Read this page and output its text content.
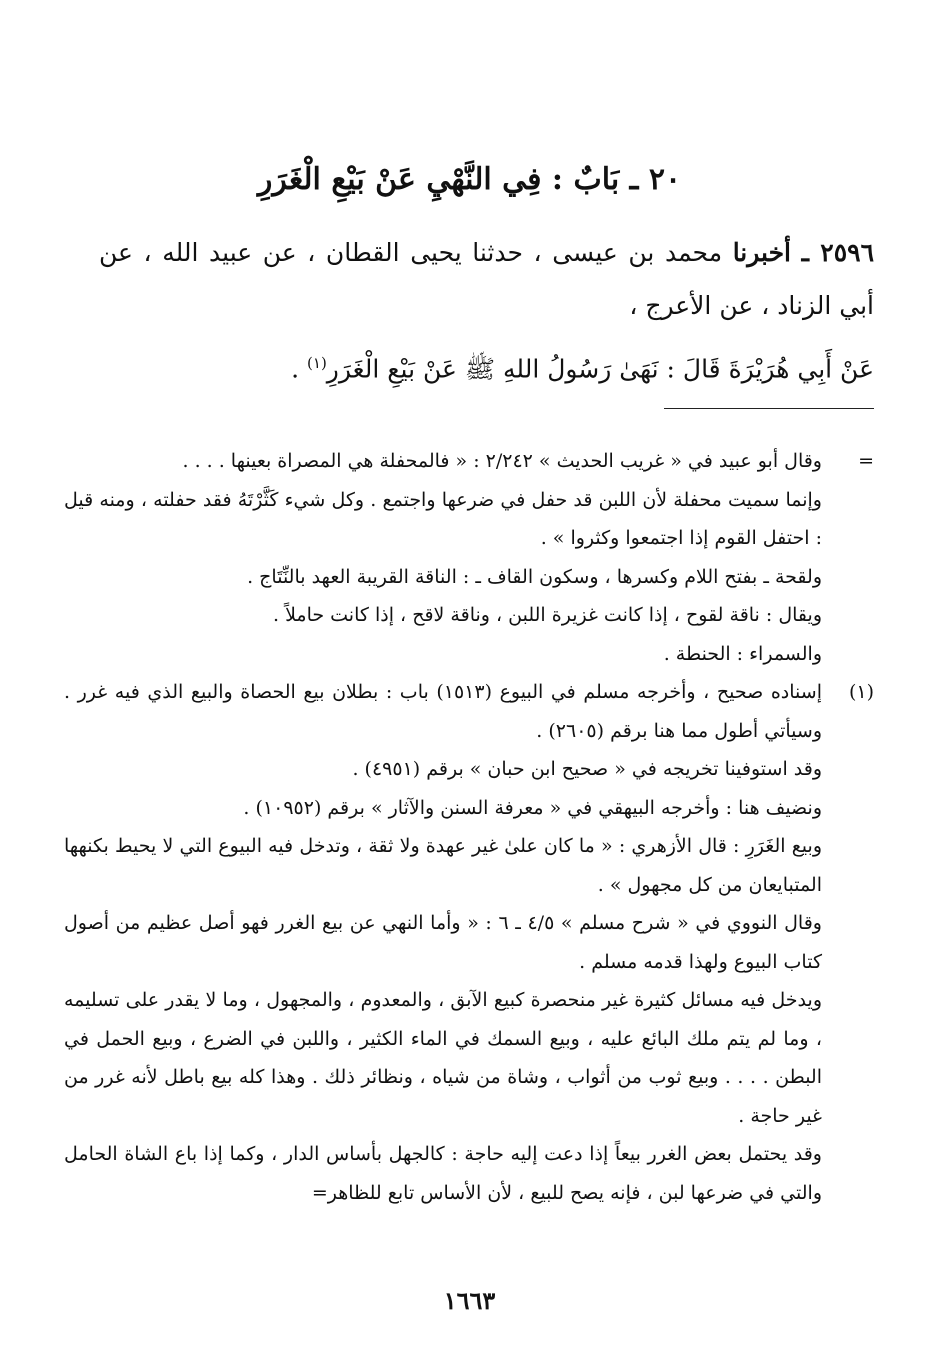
٢٠ ـ بَابٌ : فِي النَّهْيِ عَنْ بَيْعِ الْغَرَرِ

٢٥٩٦ ـ أخبرنا محمد بن عيسى ، حدثنا يحيى القطان ، عن عبيد الله ، عن أبي الزناد ، عن الأعرج ،

عَنْ أَبِي هُرَيْرَةَ قَالَ : نَهَىٰ رَسُولُ اللهِ ﷺ عَنْ بَيْعِ الْغَرَرِ$^{(١)}$ .

=

وقال أبو عبيد في « غريب الحديث » ٢/٢٤٢ : « فالمحفلة هي المصراة بعينها . . . .

وإنما سميت محفلة لأن اللبن قد حفل في ضرعها واجتمع . وكل شيء كَثَّرْتَهُ فقد حفلته ، ومنه قيل : احتفل القوم إذا اجتمعوا وكثروا » .

ولقحة ـ بفتح اللام وكسرها ، وسكون القاف ـ : الناقة القريبة العهد بالنِّتَاج .

ويقال : ناقة لقوح ، إذا كانت غزيرة اللبن ، وناقة لاقح ، إذا كانت حاملاً .

والسمراء : الحنطة .

(١)

إسناده صحيح ، وأخرجه مسلم في البيوع (١٥١٣) باب : بطلان بيع الحصاة والبيع الذي فيه غرر . وسيأتي أطول مما هنا برقم (٢٦٠٥) .

وقد استوفينا تخريجه في « صحيح ابن حبان » برقم (٤٩٥١) .

ونضيف هنا : وأخرجه البيهقي في « معرفة السنن والآثار » برقم (١٠٩٥٢) .

وبيع الغَرَرِ : قال الأزهري : « ما كان علىٰ غير عهدة ولا ثقة ، وتدخل فيه البيوع التي لا يحيط بكنهها المتبايعان من كل مجهول » .

وقال النووي في « شرح مسلم » ٤/٥ ـ ٦ : « وأما النهي عن بيع الغرر فهو أصل عظيم من أصول كتاب البيوع ولهذا قدمه مسلم .

ويدخل فيه مسائل كثيرة غير منحصرة كبيع الآبق ، والمعدوم ، والمجهول ، وما لا يقدر على تسليمه ، وما لم يتم ملك البائع عليه ، وبيع السمك في الماء الكثير ، واللبن في الضرع ، وبيع الحمل في البطن . . . . وبيع ثوب من أثواب ، وشاة من شياه ، ونظائر ذلك . وهذا كله بيع باطل لأنه غرر من غير حاجة .

وقد يحتمل بعض الغرر بيعاً إذا دعت إليه حاجة : كالجهل بأساس الدار ، وكما إذا باع الشاة الحامل والتي في ضرعها لبن ، فإنه يصح للبيع ، لأن الأساس تابع للظاهر=

١٦٦٣
